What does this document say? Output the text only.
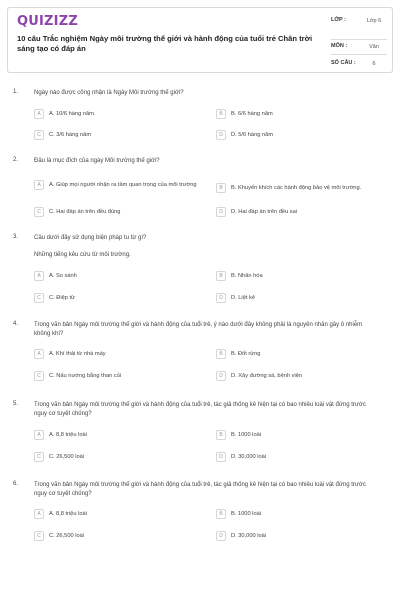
QUIZIZZ
10 câu Trắc nghiệm Ngày môi trường thế giới và hành động của tuổi trẻ Chân trời sáng tạo có đáp án
LỚP :	Lớp 6
MÔN :	Văn
SỐ CÂU :	6
1.	Ngày nào được công nhận là Ngày Môi trường thế giới?
A	A. 10/6 hàng năm.	B	B. 6/6 hàng năm
C	C. 3/6 hàng năm	D	D. 5/6 hàng năm
2.	Đâu là mục đích của ngày Môi trường thế giới?
A	A. Giúp mọi người nhận ra tầm quan trọng của môi trường	B	B. Khuyến khích các hành động bảo vệ môi trường.
C	C. Hai đáp án trên đều đúng	D	D. Hai đáp án trên đều sai
3.	Câu dưới đây sử dụng biện pháp tu từ gì?
Những tiếng kêu cứu từ môi trường.
A	A. So sánh	B	B. Nhân hóa
C	C. Điệp từ	D	D. Liệt kê
4.	Trong văn bản Ngày môi trường thế giới và hành động của tuổi trẻ, ý nào dưới đây không phải là nguyên nhân gây ô nhiễm không khí?
A	A. Khí thải từ nhà máy	B	B. Đốt rừng
C	C. Nấu nướng bằng than củi	D	D. Xây đường sá, bệnh viện
5.	Trong văn bản Ngày môi trường thế giới và hành động của tuổi trẻ, tác giả thống kê hiện tại có bao nhiêu loài vật đứng trước nguy cơ tuyệt chủng?
A	A. 8,8 triệu loài	B	B. 1000 loài
C	C. 26,500 loài	D	D. 30,000 loài
6.	Trong văn bản Ngày môi trường thế giới và hành động của tuổi trẻ, tác giả thống kê hiện tại có bao nhiêu loài vật đứng trước nguy cơ tuyệt chủng?
A	A. 8,8 triệu loài	B	B. 1000 loài
C	C. 26,500 loài	D	D. 30,000 loài
